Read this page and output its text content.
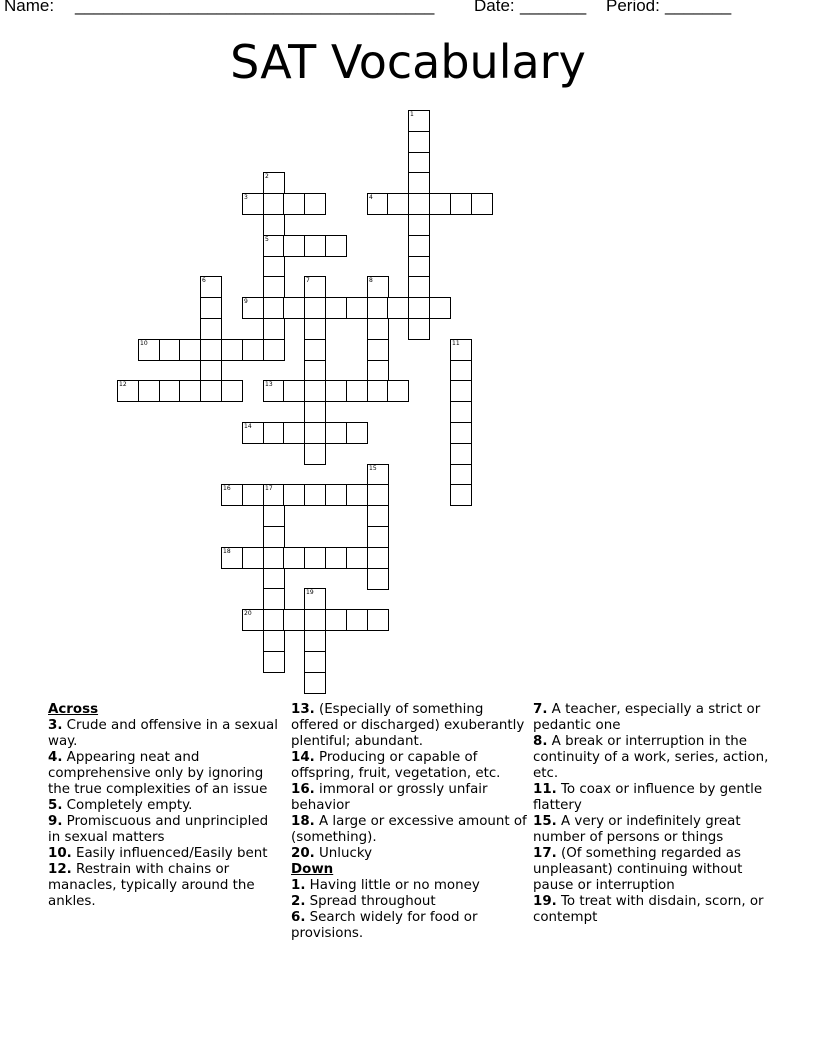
Name: ______________________________________ Date: _______ Period: _______
SAT Vocabulary
1
2
5
3	4
6	7	8
9
10	11
12	13
14
15
16	17
18
19
20
Across
3. Crude and offensive in a sexual way.
4. Appearing neat and comprehensive only by ignoring the true complexities of an issue
5. Completely empty.
9. Promiscuous and unprincipled in sexual matters
10. Easily influenced/Easily bent
12. Restrain with chains or manacles, typically around the ankles.
13. (Especially of something offered or discharged) exuberantly plentiful; abundant.
14. Producing or capable of offspring, fruit, vegetation, etc.
16. immoral or grossly unfair behavior
18. A large or excessive amount of (something).
20. Unlucky
Down
1. Having little or no money
2. Spread throughout
6. Search widely for food or provisions.
7. A teacher, especially a strict or pedantic one
8. A break or interruption in the continuity of a work, series, action, etc.
11. To coax or influence by gentle flattery
15. A very or indefinitely great number of persons or things
17. (Of something regarded as unpleasant) continuing without pause or interruption
19. To treat with disdain, scorn, or contempt
